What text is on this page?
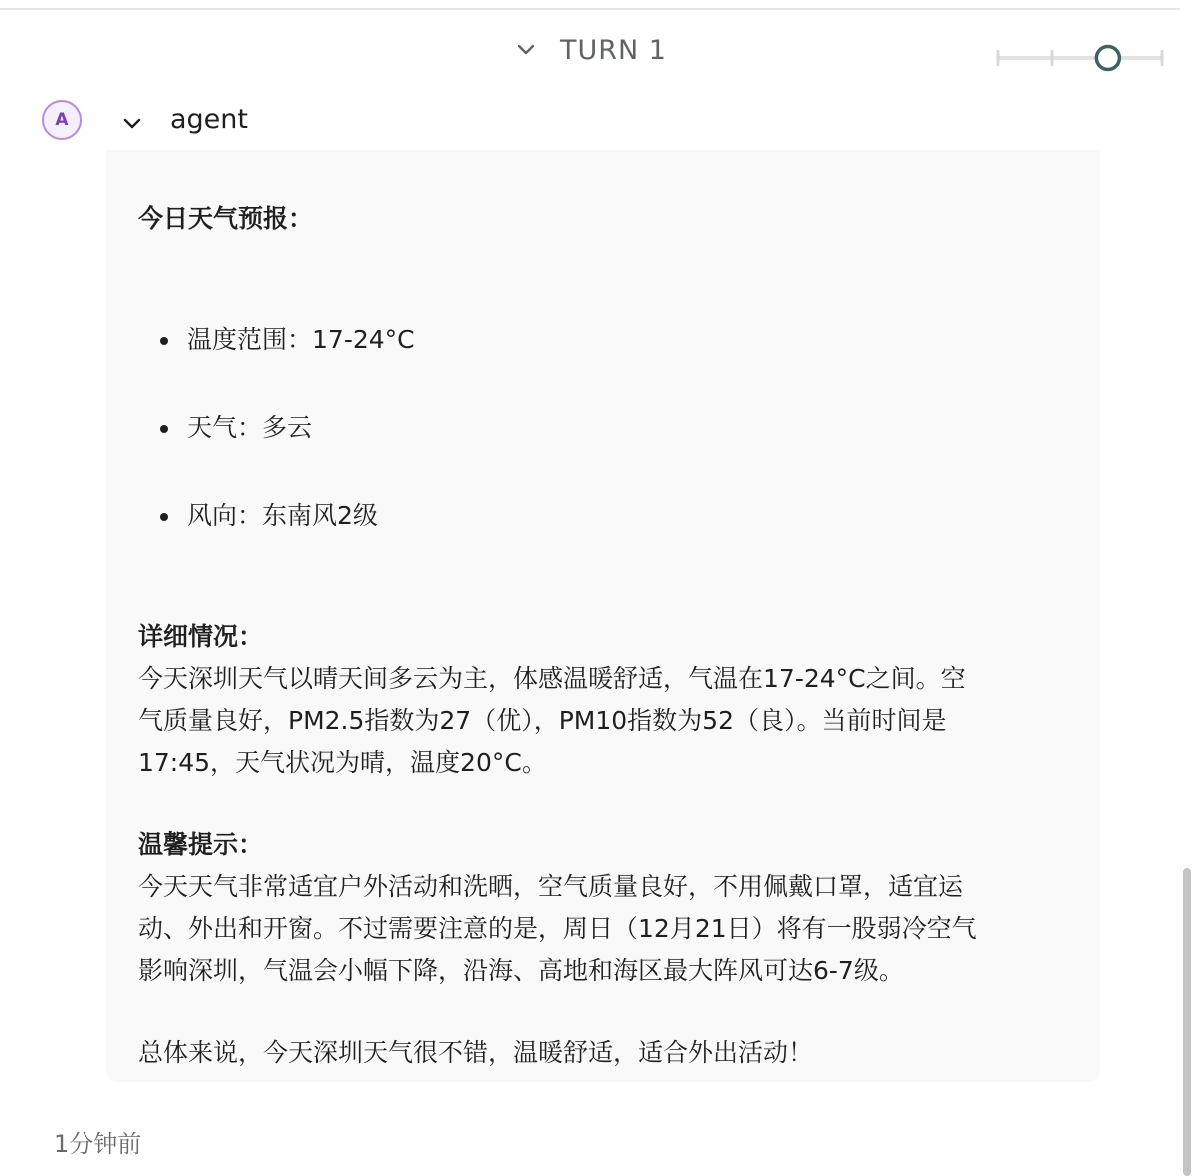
TURN 1
A	agent
今日天气预报：
温度范围： 17-24°C
天气： 多云
风向： 东南风2级
详细情况：
今天深圳天气以晴天间多云为主，体感温暖舒适，气温在17-24°C之间。空
气质量良好，PM2.5指数为27（优），PM10指数为52（良）。当前时间是
17:45，天气状况为晴，温度20°C。
温馨提示：
今天天气非常适宜户外活动和洗晒，空气质量良好，不用佩戴口罩，适宜运
动、外出和开窗。不过需要注意的是，周日（12月21日）将有一股弱冷空气
影响深圳，气温会小幅下降，沿海、高地和海区最大阵风可达6-7级。
总体来说，今天深圳天气很不错，温暖舒适，适合外出活动！
1分钟前
